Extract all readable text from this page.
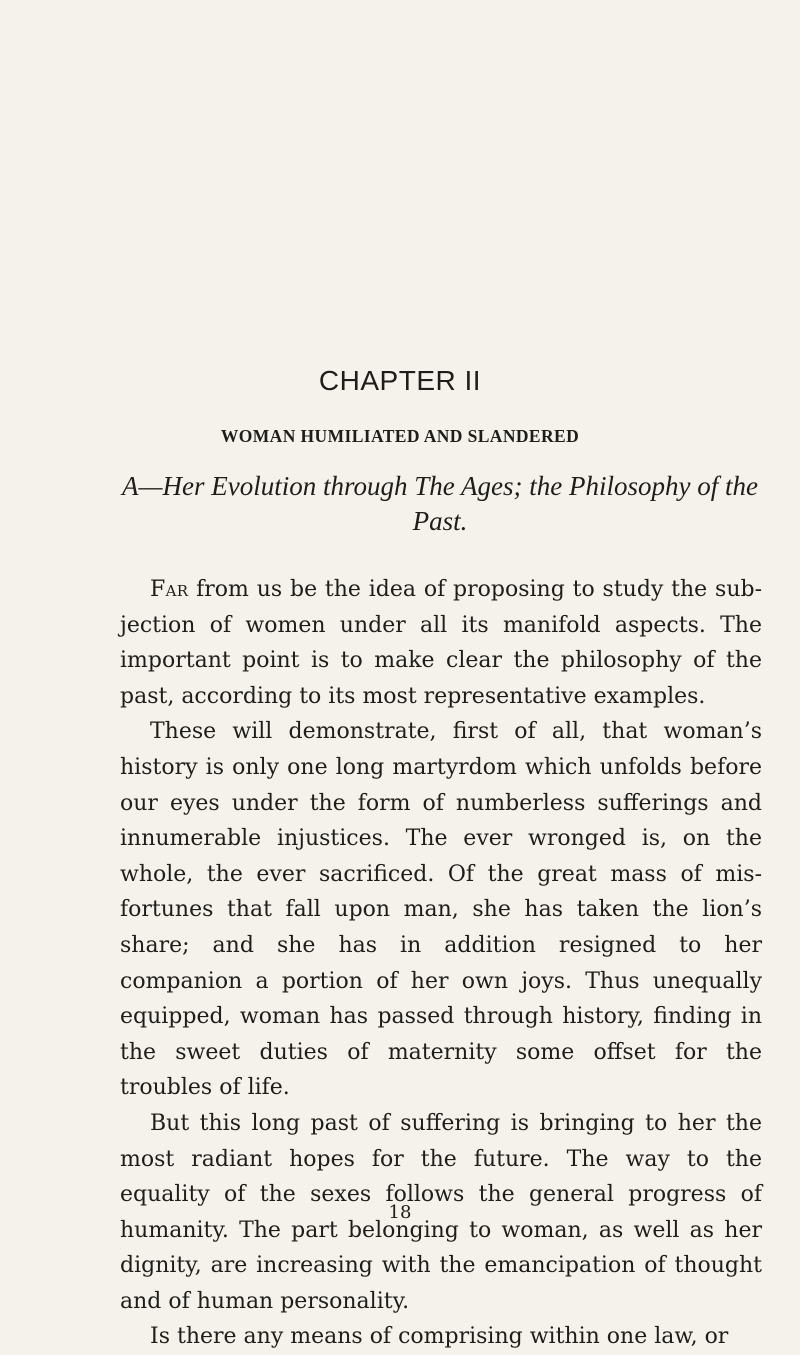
CHAPTER II
WOMAN HUMILIATED AND SLANDERED
A—Her Evolution through The Ages; the Philosophy of the Past.

Far from us be the idea of proposing to study the sub-jection of women under all its manifold aspects. The important point is to make clear the philosophy of the past, according to its most representative examples.

These will demonstrate, first of all, that woman’s history is only one long martyrdom which unfolds before our eyes under the form of numberless sufferings and innumerable injustices. The ever wronged is, on the whole, the ever sacrificed. Of the great mass of mis-fortunes that fall upon man, she has taken the lion’s share; and she has in addition resigned to her companion a portion of her own joys. Thus unequally equipped, woman has passed through history, finding in the sweet duties of maternity some offset for the troubles of life.

But this long past of suffering is bringing to her the most radiant hopes for the future. The way to the equality of the sexes follows the general progress of humanity. The part belonging to woman, as well as her dignity, are increasing with the emancipation of thought and of human personality.

Is there any means of comprising within one law, or

18
